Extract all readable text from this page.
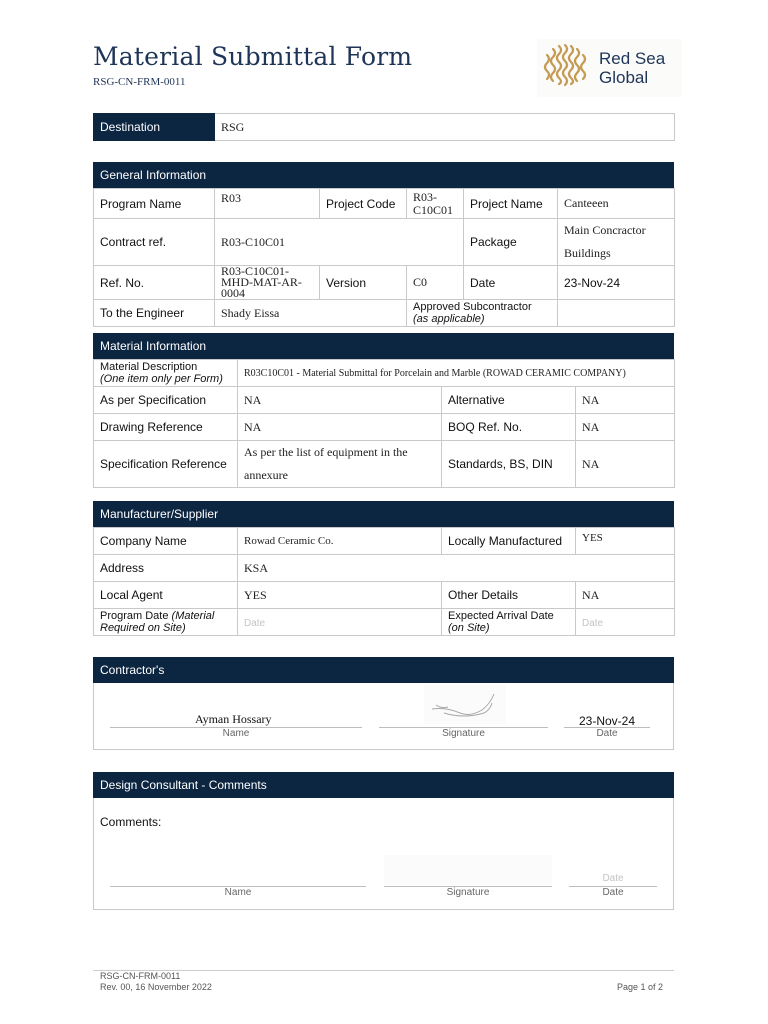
Material Submittal Form
RSG-CN-FRM-0011
Red Sea
Global
Destination	RSG
General Information
Program Name	R03	Project Code	R03-C10C01	Project Name	Canteeen
Contract ref.	R03-C10C01			Package	Main Concractor Buildings
Ref. No.	R03-C10C01-MHD-MAT-AR-0004	Version	C0	Date	23-Nov-24
To the Engineer	Shady Eissa		Approved Subcontractor
(as applicable)		

Material Information
Material Description
(One item only per Form)	R03C10C01 - Material Submittal for Porcelain and Marble (ROWAD CERAMIC COMPANY)		
As per Specification	NA	Alternative	NA
Drawing Reference	NA	BOQ Ref. No.	NA
Specification Reference	As per the list of equipment in the annexure	Standards, BS, DIN	NA
Manufacturer/Supplier
Company Name	Rowad Ceramic Co.	Locally Manufactured	YES
Address	KSA		
Local Agent	YES	Other Details	NA
Program Date (Material Required on Site)	Date	Expected Arrival Date
(on Site)	Date
Contractor's
Ayman Hossary
Name	Signature
23-Nov-24
Date
Design Consultant - Comments
Comments:
Name	Signature
Date
Date
RSG-CN-FRM-0011
Rev. 00, 16 November 2022	Page 1 of 2
